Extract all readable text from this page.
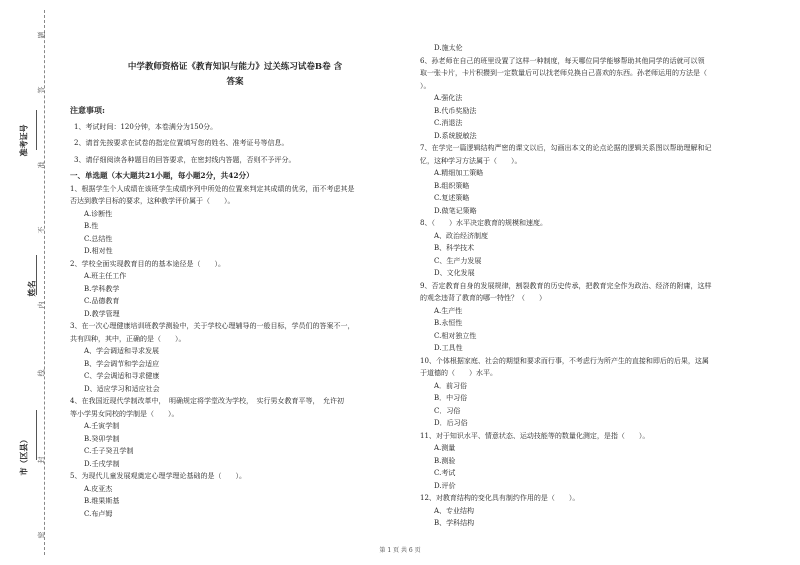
题
答
准考证号
准
不
姓名
内
线
市（区县） 封
密
中学教师资格证《教育知识与能力》过关练习试卷B卷 含
答案
注意事项:

1、考试时间：120分钟，本卷满分为150分。

2、请首先按要求在试卷的指定位置填写您的姓名、准考证号等信息。

3、请仔细阅读各种题目的回答要求，在密封线内答题，否则不予评分。

一、单选题（本大题共21小题，每小题2分，共42分）

1、根据学生个人成绩在该班学生成绩序列中所处的位置来判定其成绩的优劣，而不考虑其是

否达到教学目标的要求，这种教学评价属于（　　）。

A.诊断性

B.性

C.总结性

D.相对性

2、学校全面实现教育目的的基本途径是（　　）。

A.班主任工作

B.学科教学

C.品德教育

D.教学管理

3、在一次心理健康培训班教学测验中，关于学校心理辅导的一般目标，学员们的答案不一，

共有四种，其中，正确的是（　　）。

A、学会调适和寻求发展

B、学会调节和学会适应

C、学会调适和寻求健康

D、适应学习和适应社会

4、在我国近现代学制改革中，　明确规定将学堂改为学校，　实行男女教育平等，　允许初

等小学男女同校的学制是（　　）。

A.壬寅学制

B.癸卯学制

C.壬子癸丑学制

D.壬戌学制

5、为现代儿童发展观奠定心理学理论基础的是（　　）。

A.皮亚杰

B.维果斯基

C.布卢姆

D.施太伦

6、孙老师在自己的班里设置了这样一种制度，每天哪位同学能够帮助其他同学的话就可以领

取一张卡片，卡片积攒到一定数量后可以找老师兑换自己喜欢的东西。孙老师运用的方法是（

）。

A.强化法

B.代币奖励法

C.消退法

D.系统脱敏法

7、在学完一篇逻辑结构严密的课文以后，勾画出本文的论点论据的逻辑关系图以帮助理解和记

忆，这种学习方法属于（　　）。

A.精细加工策略

B.组织策略

C.复述策略

D.做笔记策略

8、（　　）水平决定教育的规模和速度。

A、政治经济制度

B、科学技术

C、生产力发展

D、文化发展

9、否定教育自身的发展规律，割裂教育的历史传承，把教育完全作为政治、经济的附庸，这样

的观念违背了教育的哪一特性？（　　）

A.生产性

B.永恒性

C.相对独立性

D.工具性

10、个体根据家庭、社会的期望和要求而行事，不考虑行为所产生的直接和即后的后果，这属

于道德的（　　）水平。

A．前习俗

B．中习俗

C．习俗

D．后习俗

11、对于知识水平、情意状态、运动技能等的数量化测定，是指（　　）。

A.测量

B.测验

C.考试

D.评价

12、对教育结构的变化具有制约作用的是（　　）。

A、专业结构

B、学科结构

第 1 页 共 6 页
